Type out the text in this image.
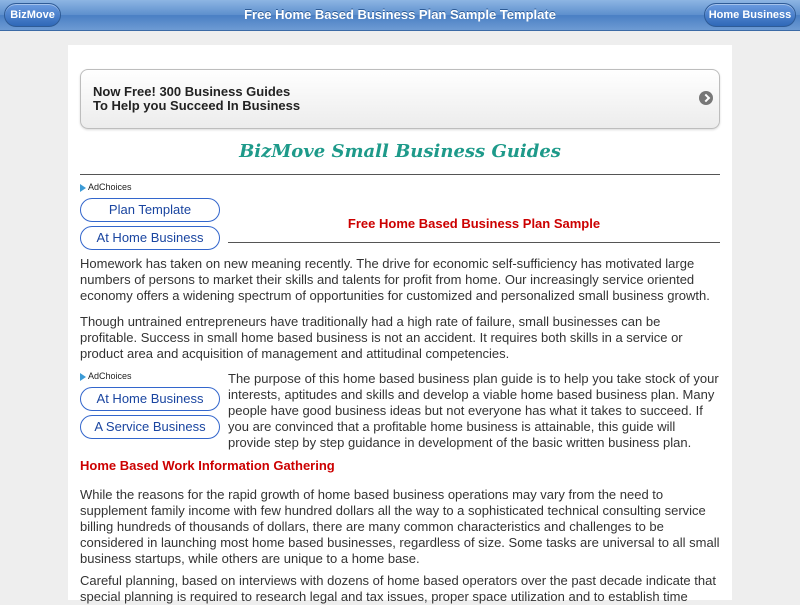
Free Home Based Business Plan Sample Template
BizMove	Home Business
Now Free! 300 Business Guides
To Help you Succeed In Business
BizMove Small Business Guides
AdChoices
Plan Template
At Home Business
Free Home Based Business Plan Sample

Homework has taken on new meaning recently. The drive for economic self-sufficiency has motivated large numbers of persons to market their skills and talents for profit from home. Our increasingly service oriented economy offers a widening spectrum of opportunities for customized and personalized small business growth.

Though untrained entrepreneurs have traditionally had a high rate of failure, small businesses can be profitable. Success in small home based business is not an accident. It requires both skills in a service or product area and acquisition of management and attitudinal competencies.

AdChoices
At Home Business
A Service Business

The purpose of this home based business plan guide is to help you take stock of your interests, aptitudes and skills and develop a viable home based business plan. Many people have good business ideas but not everyone has what it takes to succeed. If you are convinced that a profitable home business is attainable, this guide will provide step by step guidance in development of the basic written business plan.

Home Based Work Information Gathering

While the reasons for the rapid growth of home based business operations may vary from the need to supplement family income with few hundred dollars all the way to a sophisticated technical consulting service billing hundreds of thousands of dollars, there are many common characteristics and challenges to be considered in launching most home based businesses, regardless of size. Some tasks are universal to all small business startups, while others are unique to a home base.

Careful planning, based on interviews with dozens of home based operators over the past decade indicate that special planning is required to research legal and tax issues, proper space utilization and to establish time
